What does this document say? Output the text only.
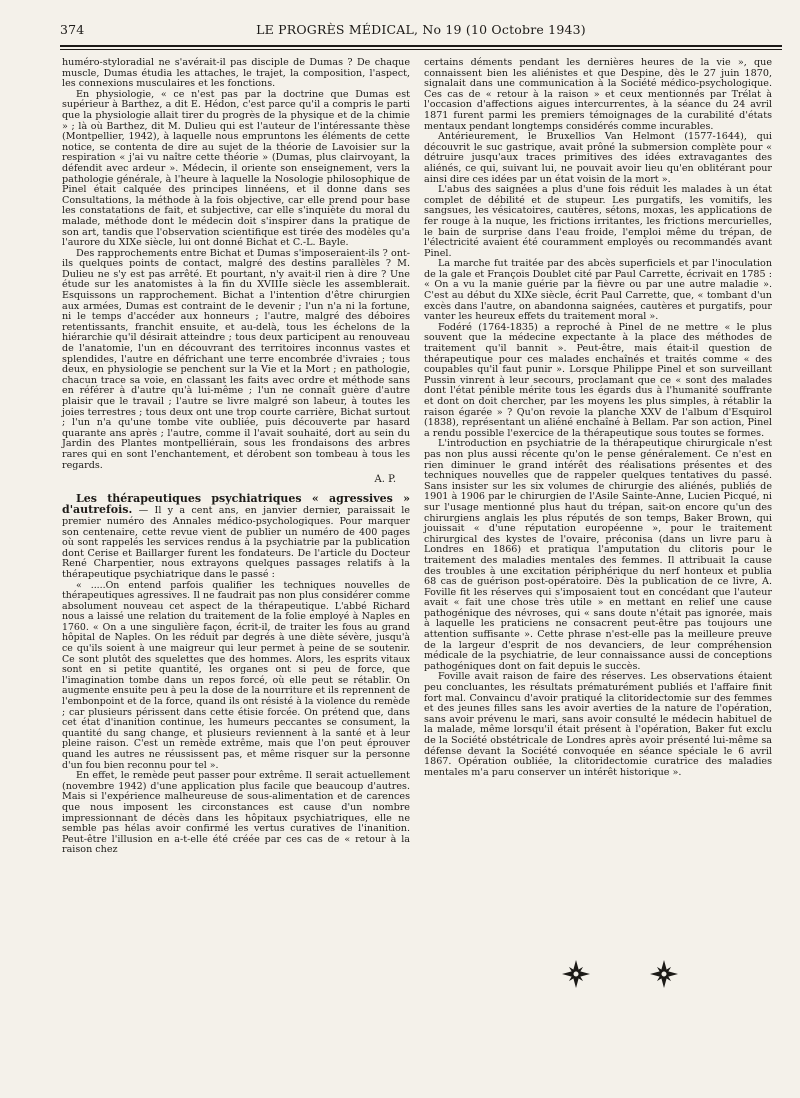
374	LE PROGRÈS MÉDICAL, No 19 (10 Octobre 1943)

huméro-styloradial ne s'avérait-il pas disciple de Dumas ? De chaque muscle, Dumas étudia les attaches, le trajet, la composition, l'aspect, les connexions musculaires et les fonctions.

En physiologie, « ce n'est pas par la doctrine que Dumas est supérieur à Barthez, a dit E. Hédon, c'est parce qu'il a compris le parti que la physiologie allait tirer du progrès de la physique et de la chimie » ; là où Barthez, dit M. Dulieu qui est l'auteur de l'intéressante thèse (Montpellier, 1942), à laquelle nous empruntons les éléments de cette notice, se contenta de dire au sujet de la théorie de Lavoisier sur la respiration « j'ai vu naître cette théorie » (Dumas, plus clairvoyant, la défendit avec ardeur ». Médecin, il oriente son enseignement, vers la pathologie générale, à l'heure à laquelle la Nosologie philosophique de Pinel était calquée des principes linnéens, et il donne dans ses Consultations, la méthode à la fois objective, car elle prend pour base les constatations de fait, et subjective, car elle s'inquiète du moral du malade, méthode dont le médecin doit s'inspirer dans la pratique de son art, tandis que l'observation scientifique est tirée des modèles qu'a l'aurore du XIXe siècle, lui ont donné Bichat et C.-L. Bayle.

Des rapprochements entre Bichat et Dumas s'imposeraient-ils ? ont-ils quelques points de contact, malgré des destins parallèles ? M. Dulieu ne s'y est pas arrêté. Et pourtant, n'y avait-il rien à dire ? Une étude sur les anatomistes à la fin du XVIIIe siècle les assemblerait. Esquissons un rapprochement. Bichat a l'intention d'être chirurgien aux armées, Dumas est contraint de le devenir ; l'un n'a ni la fortune, ni le temps d'accéder aux honneurs ; l'autre, malgré des déboires retentissants, franchit ensuite, et au-delà, tous les échelons de la hiérarchie qu'il désirait atteindre ; tous deux participent au renouveau de l'anatomie, l'un en découvrant des territoires inconnus vastes et splendides, l'autre en défrichant une terre encombrée d'ivraies ; tous deux, en physiologie se penchent sur la Vie et la Mort ; en pathologie, chacun trace sa voie, en classant les faits avec ordre et méthode sans en référer à d'autre qu'à lui-même ; l'un ne connaît guère d'autre plaisir que le travail ; l'autre se livre malgré son labeur, à toutes les joies terrestres ; tous deux ont une trop courte carrière, Bichat surtout ; l'un n'a qu'une tombe vite oubliée, puis découverte par hasard quarante ans après ; l'autre, comme il l'avait souhaité, dort au sein du Jardin des Plantes montpelliérain, sous les frondaisons des arbres rares qui en sont l'enchantement, et dérobent son tombeau à tous les regards.

A. P.

Les thérapeutiques psychiatriques « agressives » d'autrefois. — Il y a cent ans, en janvier dernier, paraissait le premier numéro des Annales médico-psychologiques. Pour marquer son centenaire, cette revue vient de publier un numéro de 400 pages où sont rappelés les services rendus à la psychiatrie par la publication dont Cerise et Baillarger furent les fondateurs. De l'article du Docteur René Charpentier, nous extrayons quelques passages relatifs à la thérapeutique psychiatrique dans le passé :

« .....On entend parfois qualifier les techniques nouvelles de thérapeutiques agressives. Il ne faudrait pas non plus considérer comme absolument nouveau cet aspect de la thérapeutique. L'abbé Richard nous a laissé une relation du traitement de la folie employé à Naples en 1760. « On a une singulière façon, écrit-il, de traiter les fous au grand hôpital de Naples. On les réduit par degrés à une diète sévère, jusqu'à ce qu'ils soient à une maigreur qui leur permet à peine de se soutenir. Ce sont plutôt des squelettes que des hommes. Alors, les esprits vitaux sont en si petite quantité, les organes ont si peu de force, que l'imagination tombe dans un repos forcé, où elle peut se rétablir. On augmente ensuite peu à peu la dose de la nourriture et ils reprennent de l'embonpoint et de la force, quand ils ont résisté à la violence du remède ; car plusieurs périssent dans cette étisie forcée. On prétend que, dans cet état d'inanition continue, les humeurs peccantes se consument, la quantité du sang change, et plusieurs reviennent à la santé et à leur pleine raison. C'est un remède extrême, mais que l'on peut éprouver quand les autres ne réussissent pas, et même risquer sur la personne d'un fou bien reconnu pour tel ».

En effet, le remède peut passer pour extrême. Il serait actuellement (novembre 1942) d'une application plus facile que beaucoup d'autres. Mais si l'expérience malheureuse de sous-alimentation et de carences que nous imposent les circonstances est cause d'un nombre impressionnant de décès dans les hôpitaux psychiatriques, elle ne semble pas hélas avoir confirmé les vertus curatives de l'inanition. Peut-être l'illusion en a-t-elle été créée par ces cas de « retour à la raison chez

certains déments pendant les dernières heures de la vie », que connaissent bien les aliénistes et que Despine, dès le 27 juin 1870, signalait dans une communication à la Société médico-psychologique. Ces cas de « retour à la raison » et ceux mentionnés par Trélat à l'occasion d'affections aigues intercurrentes, à la séance du 24 avril 1871 furent parmi les premiers témoignages de la curabilité d'états mentaux pendant longtemps considérés comme incurables.

Antérieurement, le Bruxellios Van Helmont (1577-1644), qui découvrit le suc gastrique, avait prôné la submersion complète pour « détruire jusqu'aux traces primitives des idées extravagantes des aliénés, ce qui, suivant lui, ne pouvait avoir lieu qu'en oblitérant pour ainsi dire ces idées par un état voisin de la mort ».

L'abus des saignées a plus d'une fois réduit les malades à un état complet de débilité et de stupeur. Les purgatifs, les vomitifs, les sangsues, les vésicatoires, cautères, sétons, moxas, les applications de fer rouge à la nuque, les frictions irritantes, les frictions mercurielles, le bain de surprise dans l'eau froide, l'emploi même du trépan, de l'électricité avaient été couramment employés ou recommandés avant Pinel.

La marche fut traitée par des abcès superficiels et par l'inoculation de la gale et François Doublet cité par Paul Carrette, écrivait en 1785 : « On a vu la manie guérie par la fièvre ou par une autre maladie ». C'est au début du XIXe siècle, écrit Paul Carrette, que, « tombant d'un excès dans l'autre, on abandonna saignées, cautères et purgatifs, pour vanter les heureux effets du traitement moral ».

Fodéré (1764-1835) a reproché à Pinel de ne mettre « le plus souvent que la médecine expectante à la place des méthodes de traitement qu'il bannit ». Peut-être, mais était-il question de thérapeutique pour ces malades enchaînés et traités comme « des coupables qu'il faut punir ». Lorsque Philippe Pinel et son surveillant Pussin vinrent à leur secours, proclamant que ce « sont des malades dont l'état pénible mérite tous les égards dus à l'humanité souffrante et dont on doit chercher, par les moyens les plus simples, à rétablir la raison égarée » ? Qu'on revoie la planche XXV de l'album d'Esquirol (1838), représentant un aliéné enchaîné à Bellam. Par son action, Pinel a rendu possible l'exercice de la thérapeutique sous toutes se formes.

L'introduction en psychiatrie de la thérapeutique chirurgicale n'est pas non plus aussi récente qu'on le pense généralement. Ce n'est en rien diminuer le grand intérêt des réalisations présentes et des techniques nouvelles que de rappeler quelques tentatives du passé. Sans insister sur les six volumes de chirurgie des aliénés, publiés de 1901 à 1906 par le chirurgien de l'Asile Sainte-Anne, Lucien Picqué, ni sur l'usage mentionné plus haut du trépan, sait-on encore qu'un des chirurgiens anglais les plus réputés de son temps, Baker Brown, qui jouissait « d'une réputation européenne », pour le traitement chirurgical des kystes de l'ovaire, préconisa (dans un livre paru à Londres en 1866) et pratiqua l'amputation du clitoris pour le traitement des maladies mentales des femmes. Il attribuait la cause des troubles à une excitation périphérique du nerf honteux et publia 68 cas de guérison post-opératoire. Dès la publication de ce livre, A. Foville fit les réserves qui s'imposaient tout en concédant que l'auteur avait « fait une chose très utile » en mettant en relief une cause pathogénique des névroses, qui « sans doute n'était pas ignorée, mais à laquelle les praticiens ne consacrent peut-être pas toujours une attention suffisante ». Cette phrase n'est-elle pas la meilleure preuve de la largeur d'esprit de nos devanciers, de leur compréhension médicale de la psychiatrie, de leur connaissance aussi de conceptions pathogéniques dont on fait depuis le succès.

Foville avait raison de faire des réserves. Les observations étaient peu concluantes, les résultats prématurément publiés et l'affaire finit fort mal. Convaincu d'avoir pratiqué la clitoridectomie sur des femmes et des jeunes filles sans les avoir averties de la nature de l'opération, sans avoir prévenu le mari, sans avoir consulté le médecin habituel de la malade, même lorsqu'il était présent à l'opération, Baker fut exclu de la Société obstétricale de Londres après avoir présenté lui-même sa défense devant la Société convoquée en séance spéciale le 6 avril 1867. Opération oubliée, la clitoridectomie curatrice des maladies mentales m'a paru conserver un intérêt historique ».
